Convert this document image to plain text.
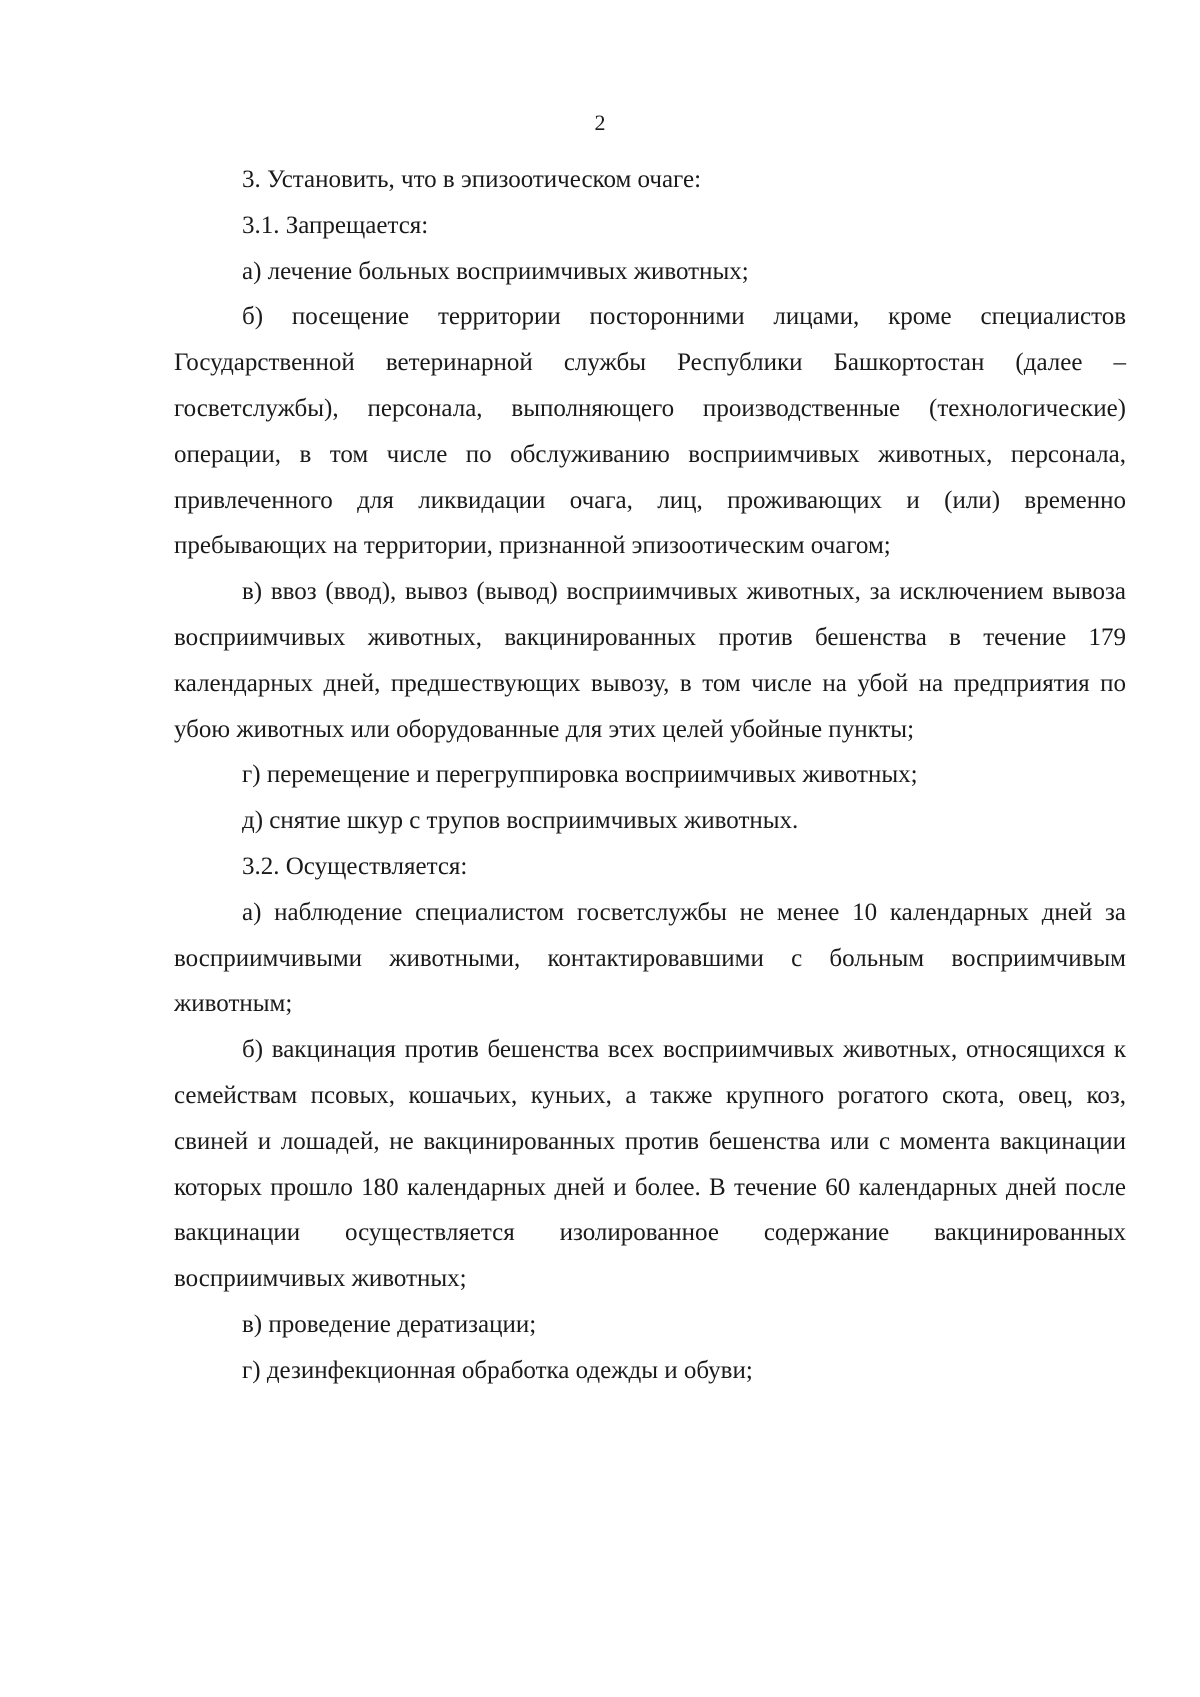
2

3. Установить, что в эпизоотическом очаге:

3.1. Запрещается:

а) лечение больных восприимчивых животных;

б) посещение территории посторонними лицами, кроме специалистов Государственной ветеринарной службы Республики Башкортостан (далее – госветслужбы), персонала, выполняющего производственные (технологические) операции, в том числе по обслуживанию восприимчивых животных, персонала, привлеченного для ликвидации очага, лиц, проживающих и (или) временно пребывающих на территории, признанной эпизоотическим очагом;

в) ввоз (ввод), вывоз (вывод) восприимчивых животных, за исключением вывоза восприимчивых животных, вакцинированных против бешенства в течение 179 календарных дней, предшествующих вывозу, в том числе на убой на предприятия по убою животных или оборудованные для этих целей убойные пункты;

г) перемещение и перегруппировка восприимчивых животных;

д) снятие шкур с трупов восприимчивых животных.

3.2. Осуществляется:

а) наблюдение специалистом госветслужбы не менее 10 календарных дней за восприимчивыми животными, контактировавшими с больным восприимчивым животным;

б) вакцинация против бешенства всех восприимчивых животных, относящихся к семействам псовых, кошачьих, куньих, а также крупного рогатого скота, овец, коз, свиней и лошадей, не вакцинированных против бешенства или с момента вакцинации которых прошло 180 календарных дней и более. В течение 60 календарных дней после вакцинации осуществляется изолированное содержание вакцинированных восприимчивых животных;

в) проведение дератизации;

г) дезинфекционная обработка одежды и обуви;
